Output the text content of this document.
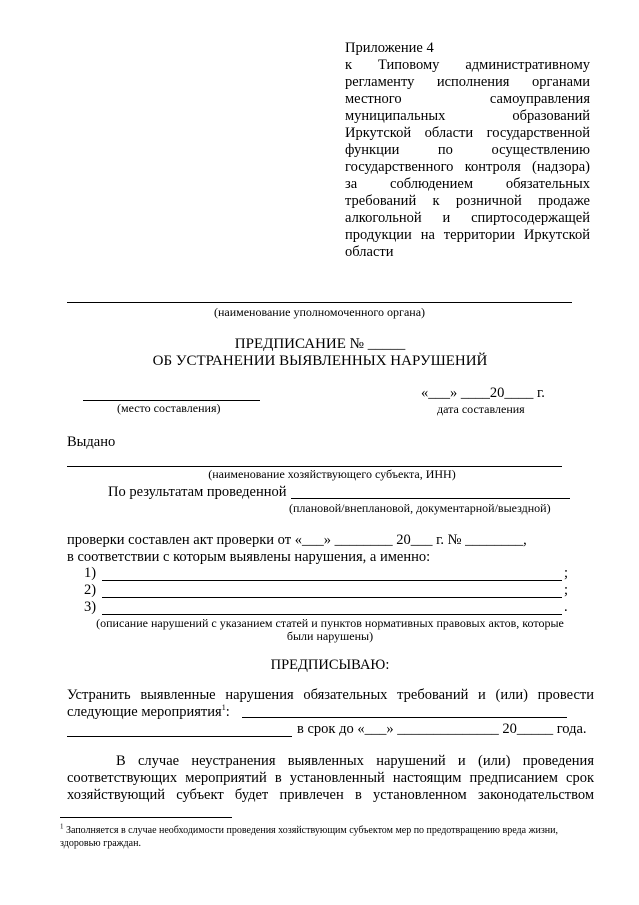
Приложение 4
к Типовому административному
регламенту исполнения органами
местного самоуправления
муниципальных образований
Иркутской области государственной
функции по осуществлению
государственного контроля (надзора)
за соблюдением обязательных
требований к розничной продаже
алкогольной и спиртосодержащей
продукции на территории Иркутской
области
(наименование уполномоченного органа)
ПРЕДПИСАНИЕ № _____
ОБ УСТРАНЕНИИ ВЫЯВЛЕННЫХ НАРУШЕНИЙ
(место составления)
«___» ____20____ г.
дата составления
Выдано
(наименование хозяйствующего субъекта, ИНН)
По результатам проведенной
(плановой/внеплановой, документарной/выездной)
проверки составлен акт проверки от «___» ________ 20___ г. № ________,
в соответствии с которым выявлены нарушения, а именно:
1)	;
2)	;
3)	.
(описание нарушений с указанием статей и пунктов нормативных правовых актов, которые
были нарушены)
ПРЕДПИСЫВАЮ:
Устранить выявленные нарушения обязательных требований и (или) провести
следующие мероприятия$^1$:
в срок до «___» ______________ 20_____ года.
В случае неустранения выявленных нарушений и (или) проведения
соответствующих мероприятий в установленный настоящим предписанием срок
хозяйствующий субъект будет привлечен в установленном законодательством
$^1$ Заполняется в случае необходимости проведения хозяйствующим субъектом мер по предотвращению вреда жизни,
здоровью граждан.
